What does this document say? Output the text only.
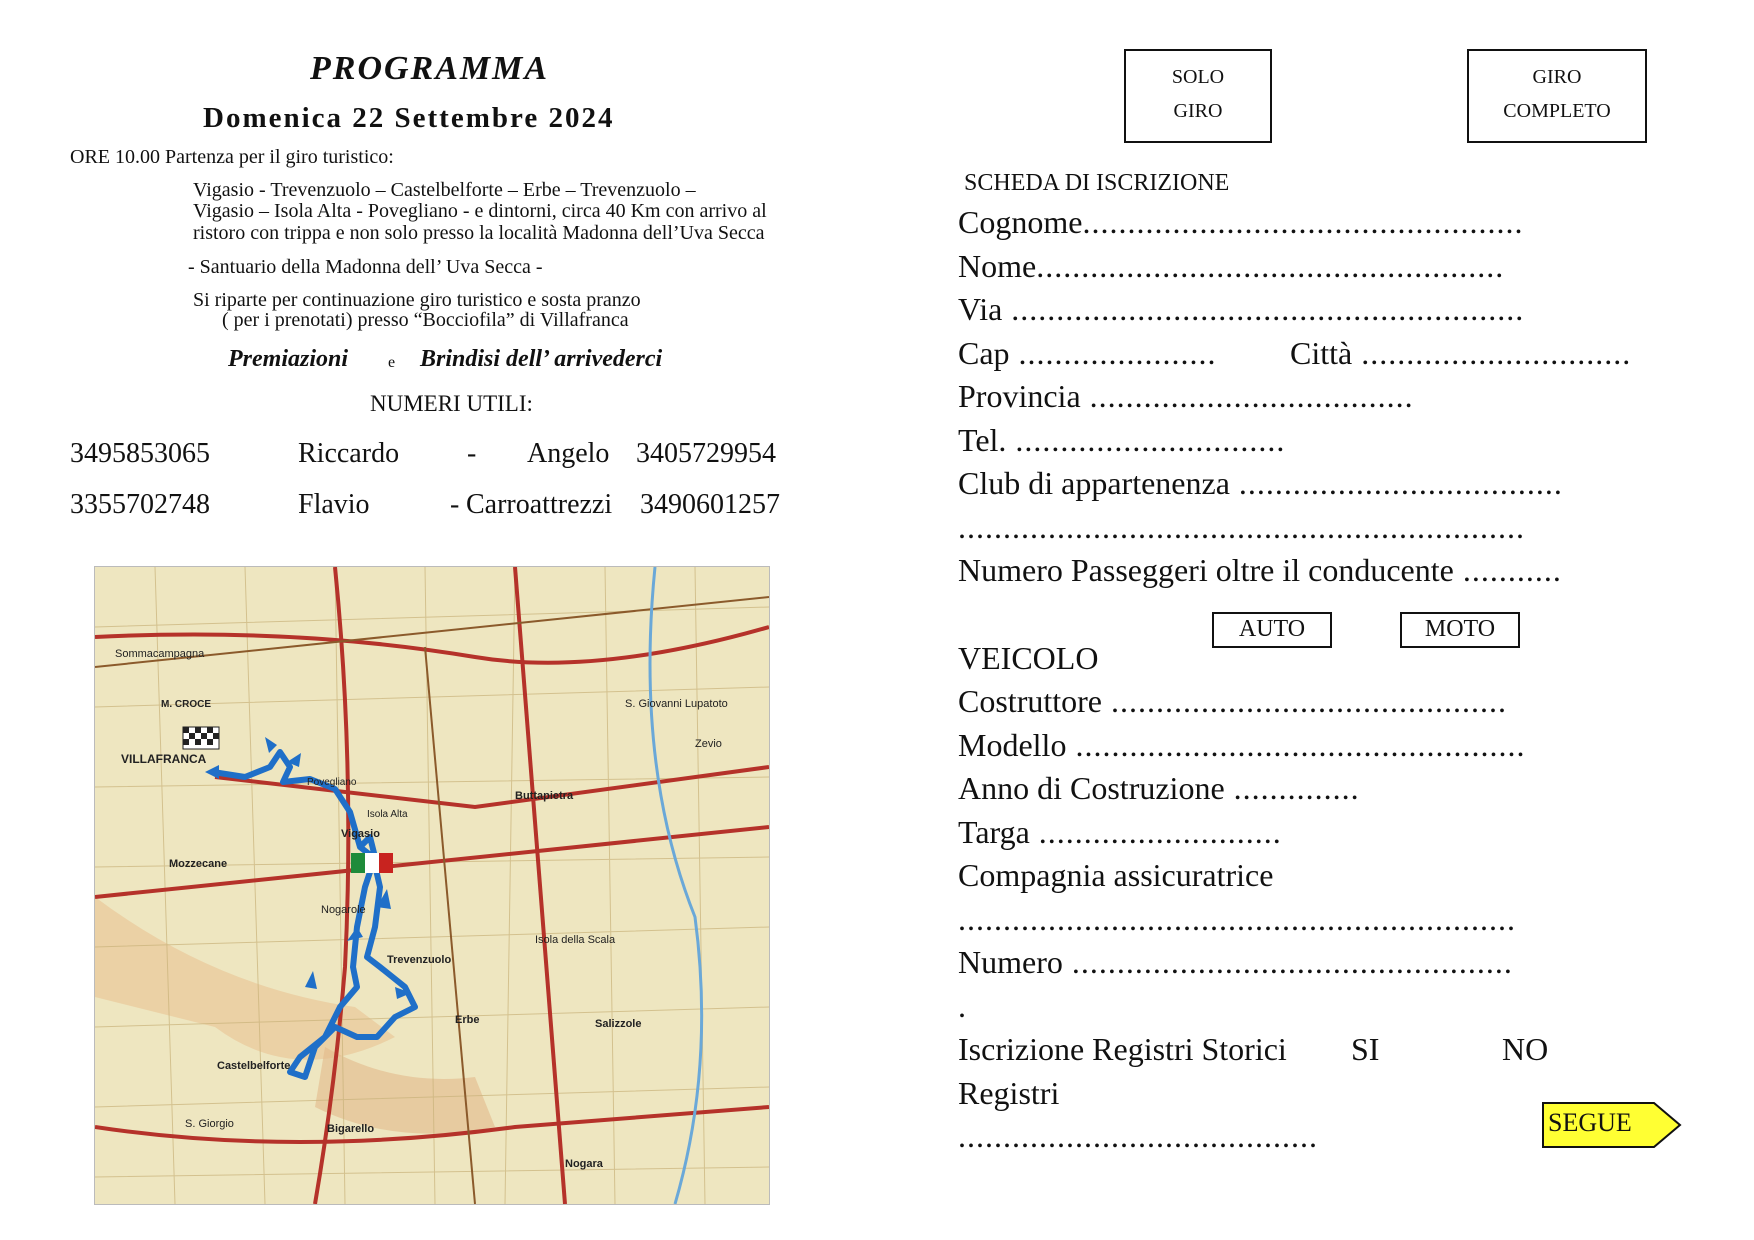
PROGRAMMA
Domenica 22 Settembre 2024
ORE 10.00 Partenza per il giro turistico:
Vigasio - Trevenzuolo – Castelbelforte – Erbe – Trevenzuolo –
Vigasio – Isola Alta - Povegliano - e dintorni, circa 40 Km con arrivo al
ristoro con trippa e non solo presso la località Madonna dell’Uva Secca
- Santuario della Madonna dell’ Uva Secca -
Si riparte per continuazione giro turistico e sosta pranzo
( per i prenotati) presso “Bocciofila” di Villafranca
Premiazioni e Brindisi dell’ arrivederci
NUMERI UTILI:
3495853065	Riccardo - Angelo 3405729954
3355702748	Flavio	- Carroattrezzi 3490601257
VILLAFRANCA
Povegliano
Vigasio
Nogarole
Trevenzuolo
Erbe
Castelbelforte
Bigarello
Sommacampagna
Buttapietra
Isola della Scala
S. Giovanni Lupatoto
Mozzecane
Zevio
Salizzole
Isola Alta
M. CROCE
S. Giorgio
Nogara
SOLO
GIRO
GIRO
COMPLETO
SCHEDA DI ISCRIZIONE
Cognome.................................................
Nome....................................................
Via .........................................................
Cap ...................... Città ..............................
Provincia ....................................
Tel. ..............................
Club di appartenenza ....................................
...............................................................
Numero Passeggeri oltre il conducente ...........
AUTO	MOTO
VEICOLO
Costruttore ............................................
Modello ..................................................
Anno di Costruzione ..............
Targa ...........................
Compagnia assicuratrice
..............................................................
Numero .................................................
.
Iscrizione Registri Storici SI	NO
Registri
........................................	SEGUE
